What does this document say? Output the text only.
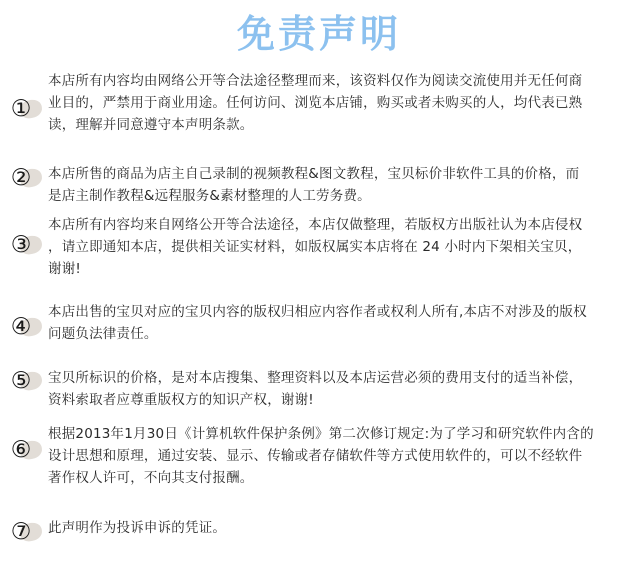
免责声明
①
本店所有内容均由网络公开等合法途径整理而来，该资料仅作为阅读交流使用并无任何商
业目的，严禁用于商业用途。任何访问、浏览本店铺，购买或者未购买的人，均代表已熟
读，理解并同意遵守本声明条款。
② 本店所售的商品为店主自己录制的视频教程&图文教程，宝贝标价非软件工具的价格，而
是店主制作教程&远程服务&素材整理的人工劳务费。
③
本店所有内容均来自网络公开等合法途径，本店仅做整理，若版权方出版社认为本店侵权
，请立即通知本店，提供相关证实材料，如版权属实本店将在 24 小时内下架相关宝贝，
谢谢!
④
本店出售的宝贝对应的宝贝内容的版权归相应内容作者或权利人所有,本店不对涉及的版权
问题负法律责任。
⑤ 宝贝所标识的价格，是对本店搜集、整理资料以及本店运营必须的费用支付的适当补偿，
资料索取者应尊重版权方的知识产权，谢谢!
⑥
根据2013年1月30日《计算机软件保护条例》第二次修订规定:为了学习和研究软件内含的
设计思想和原理，通过安装、显示、传输或者存储软件等方式使用软件的，可以不经软件
著作权人许可，不向其支付报酬。
⑦ 此声明作为投诉申诉的凭证。
